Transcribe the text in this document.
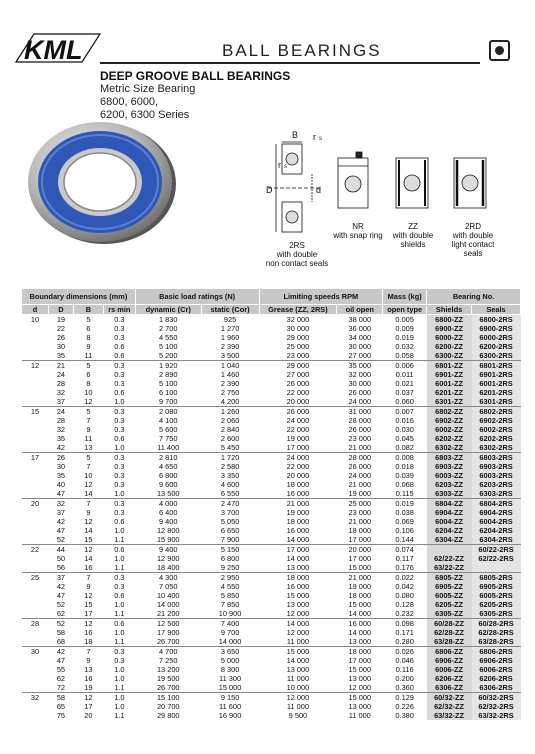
KML	BALL BEARINGS
DEEP GROOVE BALL BEARINGS
Metric Size Bearing
6800, 6000,
6200, 6300 Series
B r s
r s
D	d
2RS
with double
non contact seals
NR
with snap ring
ZZ
with double
shields
2RD
with double
light contact
seals
Boundary dimensions (mm)				Basic load ratings (N)		Limiting speeds RPM		Mass (kg)	Bearing No.	
d	D	B	rs min	dynamic (Cr)	static (Cor)	Grease (ZZ, 2RS)	oil open	open type	Shields	Seals
10	19	5	0.3	1 830	925	32 000	38 000	0.005	6800-ZZ	6800-2RS
	22	6	0.3	2 700	1 270	30 000	36 000	0.009	6900-ZZ	6900-2RS
	26	8	0.3	4 550	1 960	29 000	34 000	0.019	6000-ZZ	6000-2RS
	30	9	0.6	5 100	2 390	25 000	30 000	0.032	6200-ZZ	6200-2RS
	35	11	0.6	5 200	3 500	23 000	27 000	0.058	6300-ZZ	6300-2RS
12	21	5	0.3	1 920	1 040	29 000	35 000	0.006	6801-ZZ	6801-2RS
	24	6	0.3	2 890	1 460	27 000	32 000	0.011	6901-ZZ	6901-2RS
	28	8	0.3	5 100	2 390	26 000	30 000	0.021	6001-ZZ	6001-2RS
	32	10	0.6	6 100	2 750	22 000	26 000	0.037	6201-ZZ	6201-2RS
	37	12	1.0	9 700	4 200	20 000	24 000	0.060	6301-ZZ	6301-2RS
15	24	5	0.3	2 080	1 260	26 000	31 000	0.007	6802-ZZ	6802-2RS
	28	7	0.3	4 100	2 060	24 000	28 000	0.016	6902-ZZ	6902-2RS
	32	9	0.3	5 600	2 840	22 000	26 000	0.030	6002-ZZ	6002-2RS
	35	11	0.6	7 750	2 600	19 000	23 000	0.045	6202-ZZ	6202-2RS
	42	13	1.0	11 400	5 450	17 000	21 000	0.082	6302-ZZ	6302-2RS
17	26	5	0.3	2 810	1 720	24 000	28 000	0.008	6803-ZZ	6803-2RS
	30	7	0.3	4 650	2 580	22 000	26 000	0.018	6903-ZZ	6903-2RS
	35	10	0.3	6 800	3 350	20 000	24 000	0.039	6003-ZZ	6003-2RS
	40	12	0.3	9 600	4 600	18 000	21 000	0.068	6203-ZZ	6203-2RS
	47	14	1.0	13 500	6 550	16 000	19 000	0.115	6303-ZZ	6303-2RS
20	32	7	0.3	4 000	2 470	21 000	25 000	0.019	6804-ZZ	6804-2RS
	37	9	0.3	6 400	3 700	19 000	23 000	0.038	6904-ZZ	6904-2RS
	42	12	0.6	9 400	5 050	18 000	21 000	0.069	6004-ZZ	6004-2RS
	47	14	1.0	12 800	6 650	16 000	18 000	0.106	6204-ZZ	6204-2RS
	52	15	1.1	15 900	7 900	14 000	17 000	0.144	6304-ZZ	6304-2RS
22	44	12	0.6	9 400	5 150	17 000	20 000	0.074		60/22-2RS
	50	14	1.0	12 900	6 800	14 000	17 000	0.117	62/22-ZZ	62/22-2RS
	56	16	1.1	18 400	9 250	13 000	15 000	0.176	63/22-ZZ	
25	37	7	0.3	4 300	2 950	18 000	21 000	0.022	6805-ZZ	6805-2RS
	42	9	0.3	7 050	4 550	16 000	19 000	0.042	6905-ZZ	6905-2RS
	47	12	0.6	10 400	5 850	15 000	18 000	0.080	6005-ZZ	6005-2RS
	52	15	1.0	14 000	7 850	13 000	15 000	0.128	6205-ZZ	6205-2RS
	62	17	1.1	21 200	10 900	12 000	14 000	0.232	6305-ZZ	6305-2RS
28	52	12	0.6	12 500	7 400	14 000	16 000	0.098	60/28-ZZ	60/28-2RS
	58	16	1.0	17 900	9 700	12 000	14 000	0.171	62/28-ZZ	62/28-2RS
	68	18	1.1	26 700	14 000	11 000	13 000	0.280	63/28-ZZ	63/28-2RS
30	42	7	0.3	4 700	3 650	15 000	18 000	0.026	6806-ZZ	6806-2RS
	47	9	0.3	7 250	5 000	14 000	17 000	0.046	6906-ZZ	6906-2RS
	55	13	1.0	13 200	8 300	13 000	15 000	0.116	6006-ZZ	6006-2RS
	62	16	1.0	19 500	11 300	11 000	13 000	0.200	6206-ZZ	6206-2RS
	72	19	1.1	26 700	15 000	10 000	12 000	0.360	6306-ZZ	6306-2RS
32	58	12	1.0	15 100	9 150	12 000	15 000	0.129	60/32-ZZ	60/32-2RS
	65	17	1.0	20 700	11 600	11 000	13 000	0.226	62/32-ZZ	62/32-2RS
	75	20	1.1	29 800	16 900	9 500	11 000	0.380	63/32-ZZ	63/32-2RS
